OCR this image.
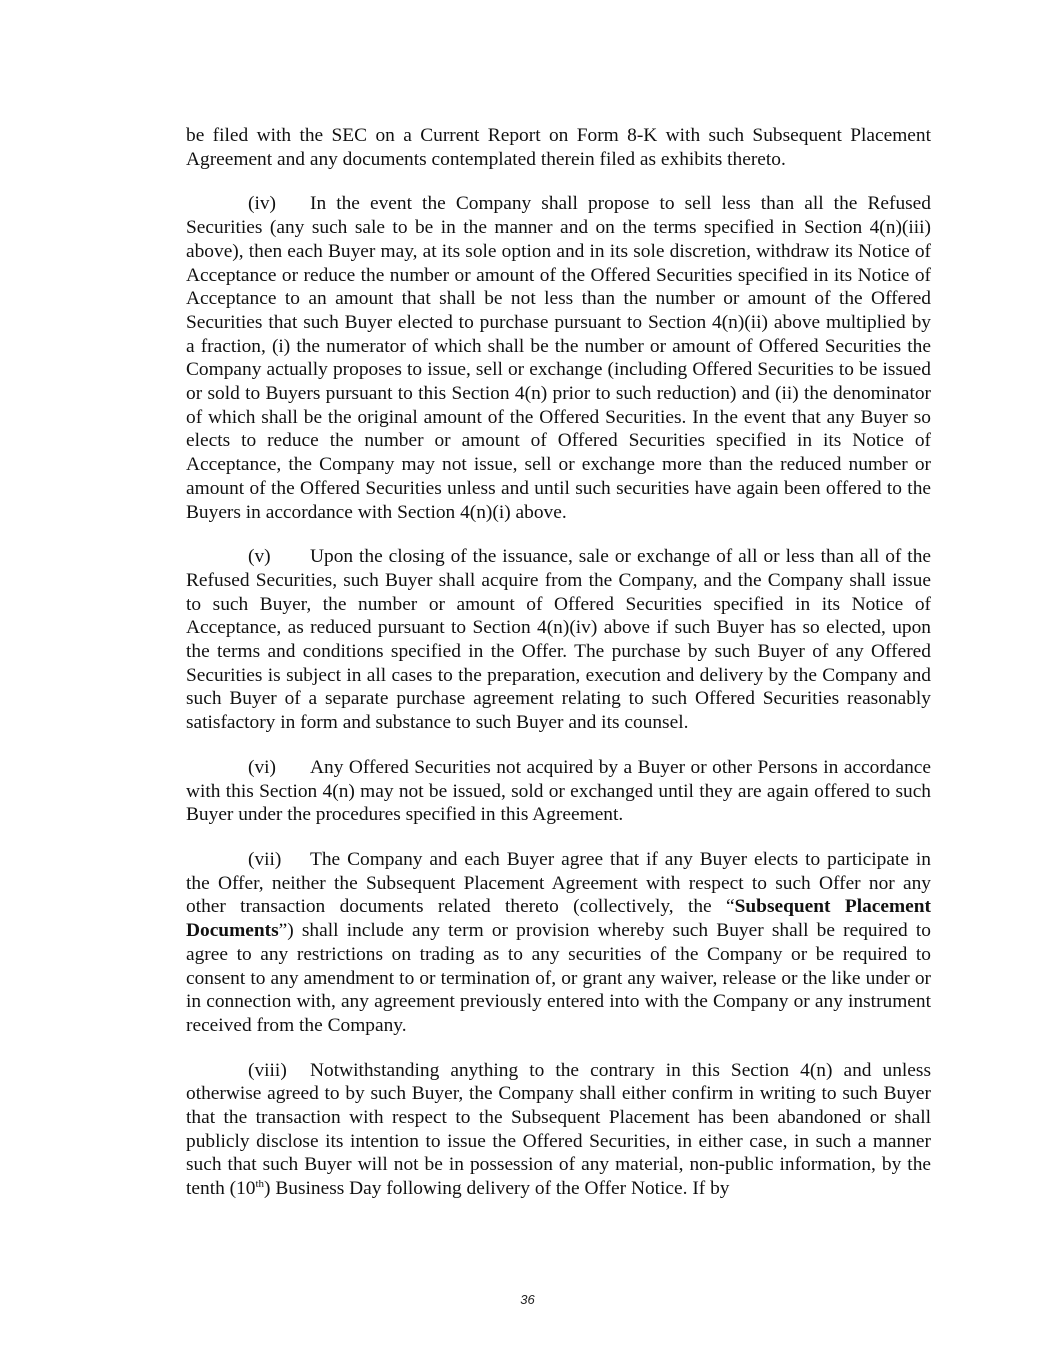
be filed with the SEC on a Current Report on Form 8-K with such Subsequent Placement Agreement and any documents contemplated therein filed as exhibits thereto.

(iv) In the event the Company shall propose to sell less than all the Refused Securities (any such sale to be in the manner and on the terms specified in Section 4(n)(iii) above), then each Buyer may, at its sole option and in its sole discretion, withdraw its Notice of Acceptance or reduce the number or amount of the Offered Securities specified in its Notice of Acceptance to an amount that shall be not less than the number or amount of the Offered Securities that such Buyer elected to purchase pursuant to Section 4(n)(ii) above multiplied by a fraction, (i) the numerator of which shall be the number or amount of Offered Securities the Company actually proposes to issue, sell or exchange (including Offered Securities to be issued or sold to Buyers pursuant to this Section 4(n) prior to such reduction) and (ii) the denominator of which shall be the original amount of the Offered Securities. In the event that any Buyer so elects to reduce the number or amount of Offered Securities specified in its Notice of Acceptance, the Company may not issue, sell or exchange more than the reduced number or amount of the Offered Securities unless and until such securities have again been offered to the Buyers in accordance with Section 4(n)(i) above.

(v) Upon the closing of the issuance, sale or exchange of all or less than all of the Refused Securities, such Buyer shall acquire from the Company, and the Company shall issue to such Buyer, the number or amount of Offered Securities specified in its Notice of Acceptance, as reduced pursuant to Section 4(n)(iv) above if such Buyer has so elected, upon the terms and conditions specified in the Offer. The purchase by such Buyer of any Offered Securities is subject in all cases to the preparation, execution and delivery by the Company and such Buyer of a separate purchase agreement relating to such Offered Securities reasonably satisfactory in form and substance to such Buyer and its counsel.

(vi) Any Offered Securities not acquired by a Buyer or other Persons in accordance with this Section 4(n) may not be issued, sold or exchanged until they are again offered to such Buyer under the procedures specified in this Agreement.

(vii) The Company and each Buyer agree that if any Buyer elects to participate in the Offer, neither the Subsequent Placement Agreement with respect to such Offer nor any other transaction documents related thereto (collectively, the “Subsequent Placement Documents”) shall include any term or provision whereby such Buyer shall be required to agree to any restrictions on trading as to any securities of the Company or be required to consent to any amendment to or termination of, or grant any waiver, release or the like under or in connection with, any agreement previously entered into with the Company or any instrument received from the Company.

(viii) Notwithstanding anything to the contrary in this Section 4(n) and unless otherwise agreed to by such Buyer, the Company shall either confirm in writing to such Buyer that the transaction with respect to the Subsequent Placement has been abandoned or shall publicly disclose its intention to issue the Offered Securities, in either case, in such a manner such that such Buyer will not be in possession of any material, non-public information, by the tenth (10th) Business Day following delivery of the Offer Notice. If by

36
